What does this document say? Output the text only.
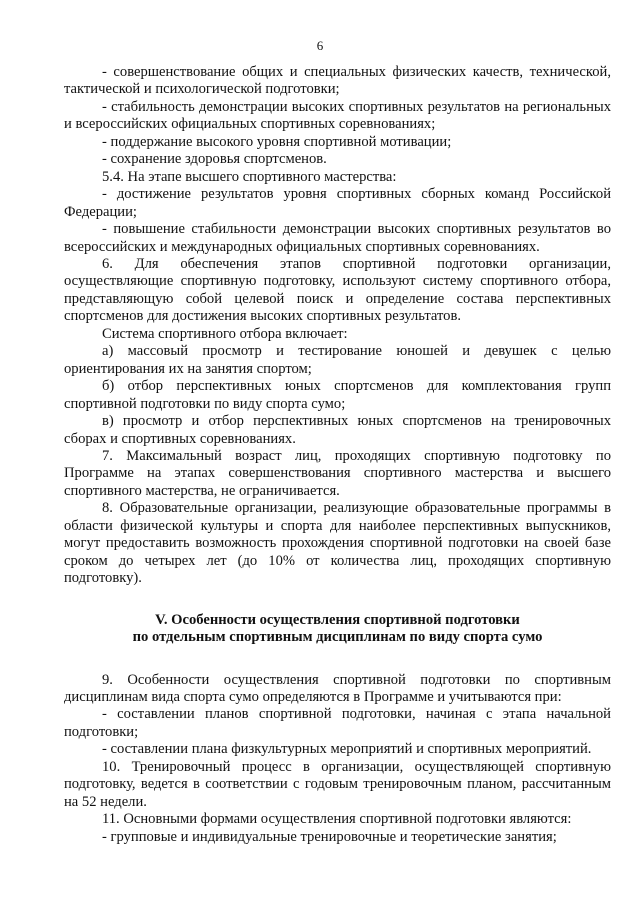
6

- совершенствование общих и специальных физических качеств, технической, тактической и психологической подготовки;

- стабильность демонстрации высоких спортивных результатов на региональных и всероссийских официальных спортивных соревнованиях;

- поддержание высокого уровня спортивной мотивации;

- сохранение здоровья спортсменов.

5.4. На этапе высшего спортивного мастерства:

- достижение результатов уровня спортивных сборных команд Российской Федерации;

- повышение стабильности демонстрации высоких спортивных результатов во всероссийских и международных официальных спортивных соревнованиях.

6. Для обеспечения этапов спортивной подготовки организации, осуществляющие спортивную подготовку, используют систему спортивного отбора, представляющую собой целевой поиск и определение состава перспективных спортсменов для достижения высоких спортивных результатов.

Система спортивного отбора включает:

а) массовый просмотр и тестирование юношей и девушек с целью ориентирования их на занятия спортом;

б) отбор перспективных юных спортсменов для комплектования групп спортивной подготовки по виду спорта сумо;

в) просмотр и отбор перспективных юных спортсменов на тренировочных сборах и спортивных соревнованиях.

7. Максимальный возраст лиц, проходящих спортивную подготовку по Программе на этапах совершенствования спортивного мастерства и высшего спортивного мастерства, не ограничивается.

8. Образовательные организации, реализующие образовательные программы в области физической культуры и спорта для наиболее перспективных выпускников, могут предоставить возможность прохождения спортивной подготовки на своей базе сроком до четырех лет (до 10% от количества лиц, проходящих спортивную подготовку).

V. Особенности осуществления спортивной подготовки
по отдельным спортивным дисциплинам по виду спорта сумо

9. Особенности осуществления спортивной подготовки по спортивным дисциплинам вида спорта сумо определяются в Программе и учитываются при:

- составлении планов спортивной подготовки, начиная с этапа начальной подготовки;

- составлении плана физкультурных мероприятий и спортивных мероприятий.

10. Тренировочный процесс в организации, осуществляющей спортивную подготовку, ведется в соответствии с годовым тренировочным планом, рассчитанным на 52 недели.

11. Основными формами осуществления спортивной подготовки являются:

- групповые и индивидуальные тренировочные и теоретические занятия;
